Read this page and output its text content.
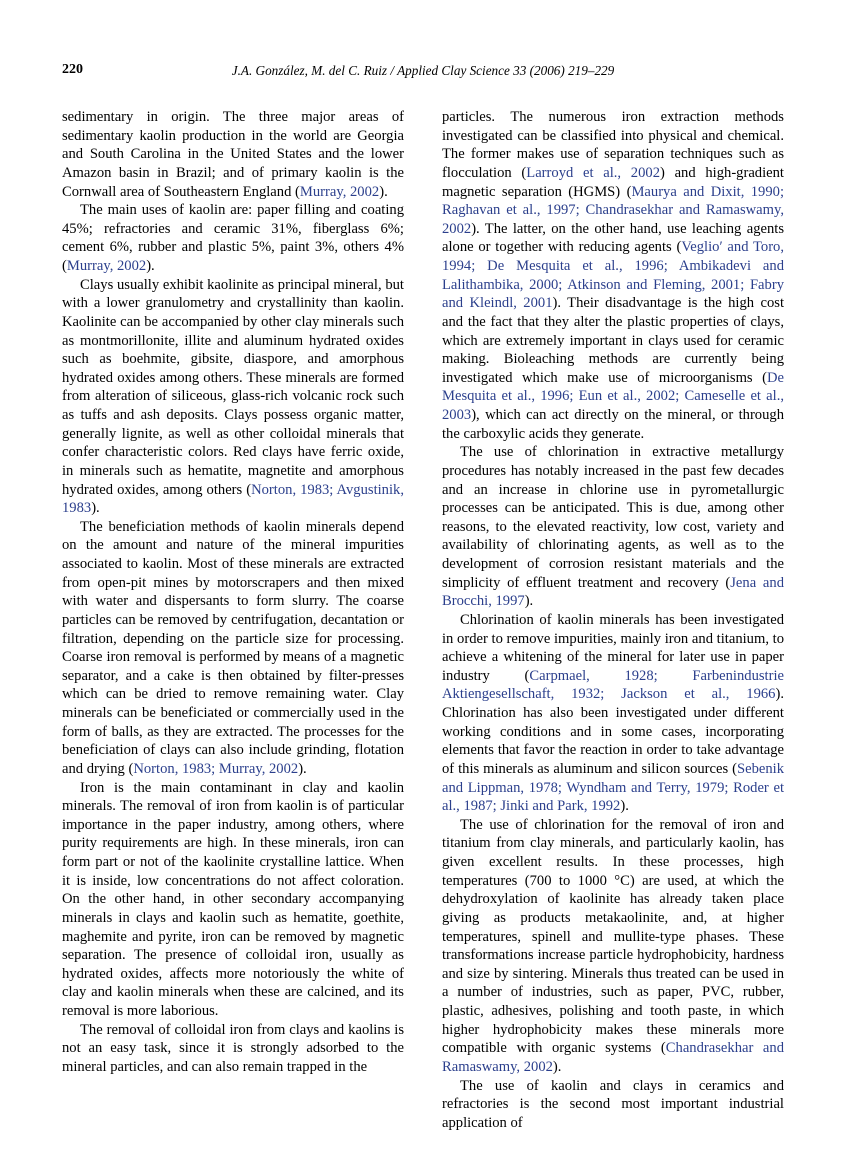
220	J.A. González, M. del C. Ruiz / Applied Clay Science 33 (2006) 219–229

sedimentary in origin. The three major areas of sedimentary kaolin production in the world are Georgia and South Carolina in the United States and the lower Amazon basin in Brazil; and of primary kaolin is the Cornwall area of Southeastern England (Murray, 2002).

The main uses of kaolin are: paper filling and coating 45%; refractories and ceramic 31%, fiberglass 6%; cement 6%, rubber and plastic 5%, paint 3%, others 4% (Murray, 2002).

Clays usually exhibit kaolinite as principal mineral, but with a lower granulometry and crystallinity than kaolin. Kaolinite can be accompanied by other clay minerals such as montmorillonite, illite and aluminum hydrated oxides such as boehmite, gibsite, diaspore, and amorphous hydrated oxides among others. These minerals are formed from alteration of siliceous, glass-rich volcanic rock such as tuffs and ash deposits. Clays possess organic matter, generally lignite, as well as other colloidal minerals that confer characteristic colors. Red clays have ferric oxide, in minerals such as hematite, magnetite and amorphous hydrated oxides, among others (Norton, 1983; Avgustinik, 1983).

The beneficiation methods of kaolin minerals depend on the amount and nature of the mineral impurities associated to kaolin. Most of these minerals are extracted from open-pit mines by motorscrapers and then mixed with water and dispersants to form slurry. The coarse particles can be removed by centrifugation, decantation or filtration, depending on the particle size for processing. Coarse iron removal is performed by means of a magnetic separator, and a cake is then obtained by filter-presses which can be dried to remove remaining water. Clay minerals can be beneficiated or commercially used in the form of balls, as they are extracted. The processes for the beneficiation of clays can also include grinding, flotation and drying (Norton, 1983; Murray, 2002).

Iron is the main contaminant in clay and kaolin minerals. The removal of iron from kaolin is of particular importance in the paper industry, among others, where purity requirements are high. In these minerals, iron can form part or not of the kaolinite crystalline lattice. When it is inside, low concentrations do not affect coloration. On the other hand, in other secondary accompanying minerals in clays and kaolin such as hematite, goethite, maghemite and pyrite, iron can be removed by magnetic separation. The presence of colloidal iron, usually as hydrated oxides, affects more notoriously the white of clay and kaolin minerals when these are calcined, and its removal is more laborious.

The removal of colloidal iron from clays and kaolins is not an easy task, since it is strongly adsorbed to the mineral particles, and can also remain trapped in the

particles. The numerous iron extraction methods investigated can be classified into physical and chemical. The former makes use of separation techniques such as flocculation (Larroyd et al., 2002) and high-gradient magnetic separation (HGMS) (Maurya and Dixit, 1990; Raghavan et al., 1997; Chandrasekhar and Ramaswamy, 2002). The latter, on the other hand, use leaching agents alone or together with reducing agents (Veglio′ and Toro, 1994; De Mesquita et al., 1996; Ambikadevi and Lalithambika, 2000; Atkinson and Fleming, 2001; Fabry and Kleindl, 2001). Their disadvantage is the high cost and the fact that they alter the plastic properties of clays, which are extremely important in clays used for ceramic making. Bioleaching methods are currently being investigated which make use of microorganisms (De Mesquita et al., 1996; Eun et al., 2002; Cameselle et al., 2003), which can act directly on the mineral, or through the carboxylic acids they generate.

The use of chlorination in extractive metallurgy procedures has notably increased in the past few decades and an increase in chlorine use in pyrometallurgic processes can be anticipated. This is due, among other reasons, to the elevated reactivity, low cost, variety and availability of chlorinating agents, as well as to the development of corrosion resistant materials and the simplicity of effluent treatment and recovery (Jena and Brocchi, 1997).

Chlorination of kaolin minerals has been investigated in order to remove impurities, mainly iron and titanium, to achieve a whitening of the mineral for later use in paper industry (Carpmael, 1928; Farbenindustrie Aktiengesellschaft, 1932; Jackson et al., 1966). Chlorination has also been investigated under different working conditions and in some cases, incorporating elements that favor the reaction in order to take advantage of this minerals as aluminum and silicon sources (Sebenik and Lippman, 1978; Wyndham and Terry, 1979; Roder et al., 1987; Jinki and Park, 1992).

The use of chlorination for the removal of iron and titanium from clay minerals, and particularly kaolin, has given excellent results. In these processes, high temperatures (700 to 1000 °C) are used, at which the dehydroxylation of kaolinite has already taken place giving as products metakaolinite, and, at higher temperatures, spinell and mullite-type phases. These transformations increase particle hydrophobicity, hardness and size by sintering. Minerals thus treated can be used in a number of industries, such as paper, PVC, rubber, plastic, adhesives, polishing and tooth paste, in which higher hydrophobicity makes these minerals more compatible with organic systems (Chandrasekhar and Ramaswamy, 2002).

The use of kaolin and clays in ceramics and refractories is the second most important industrial application of
